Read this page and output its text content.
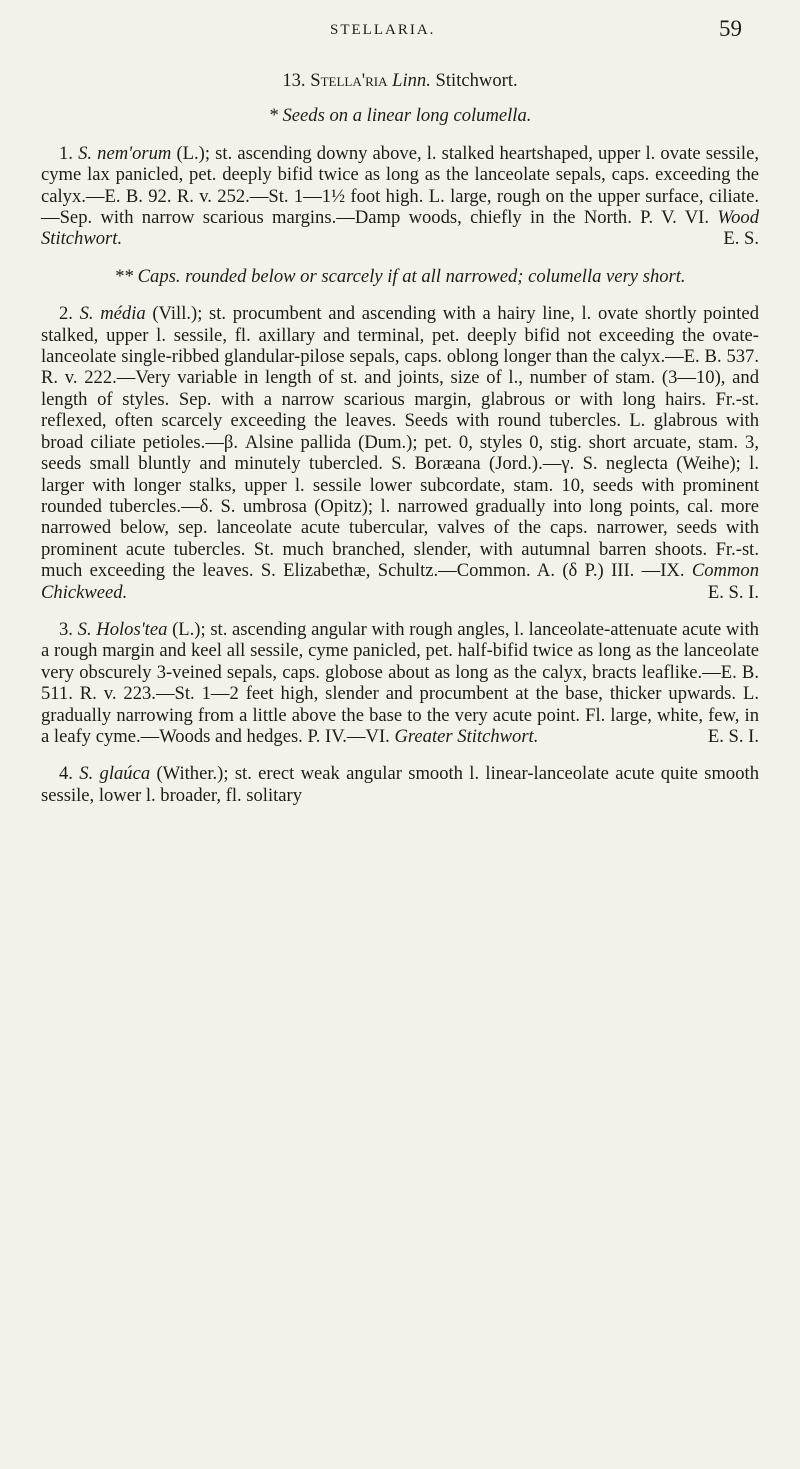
STELLARIA.	59
13. Stella'ria Linn. Stitchwort.
* Seeds on a linear long columella.
1. S. nem'orum (L.); st. ascending downy above, l. stalked heartshaped, upper l. ovate sessile, cyme lax panicled, pet. deeply bifid twice as long as the lanceolate sepals, caps. exceeding the calyx.—E. B. 92. R. v. 252.—St. 1—1½ foot high. L. large, rough on the upper surface, ciliate.—Sep. with narrow scarious margins.—Damp woods, chiefly in the North. P. V. VI. Wood Stitchwort.	E. S.
** Caps. rounded below or scarcely if at all narrowed; columella very short.
2. S. média (Vill.); st. procumbent and ascending with a hairy line, l. ovate shortly pointed stalked, upper l. sessile, fl. axillary and terminal, pet. deeply bifid not exceeding the ovate-lanceolate single-ribbed glandular-pilose sepals, caps. oblong longer than the calyx.—E. B. 537. R. v. 222.—Very variable in length of st. and joints, size of l., number of stam. (3—10), and length of styles. Sep. with a narrow scarious margin, glabrous or with long hairs. Fr.-st. reflexed, often scarcely exceeding the leaves. Seeds with round tubercles. L. glabrous with broad ciliate petioles.—β. Alsine pallida (Dum.); pet. 0, styles 0, stig. short arcuate, stam. 3, seeds small bluntly and minutely tubercled. S. Boræana (Jord.).—γ. S. neglecta (Weihe); l. larger with longer stalks, upper l. sessile lower subcordate, stam. 10, seeds with prominent rounded tubercles.—δ. S. umbrosa (Opitz); l. narrowed gradually into long points, cal. more narrowed below, sep. lanceolate acute tubercular, valves of the caps. narrower, seeds with prominent acute tubercles. St. much branched, slender, with autumnal barren shoots. Fr.-st. much exceeding the leaves. S. Elizabethæ, Schultz.—Common. A. (δ P.) III. —IX. Common Chickweed.	E. S. I.
3. S. Holos'tea (L.); st. ascending angular with rough angles, l. lanceolate-attenuate acute with a rough margin and keel all sessile, cyme panicled, pet. half-bifid twice as long as the lanceolate very obscurely 3-veined sepals, caps. globose about as long as the calyx, bracts leaflike.—E. B. 511. R. v. 223.—St. 1—2 feet high, slender and procumbent at the base, thicker upwards. L. gradually narrowing from a little above the base to the very acute point. Fl. large, white, few, in a leafy cyme.—Woods and hedges. P. IV.—VI. Greater Stitchwort.	E. S. I.
4. S. glaúca (Wither.); st. erect weak angular smooth l. linear-lanceolate acute quite smooth sessile, lower l. broader, fl. solitary
